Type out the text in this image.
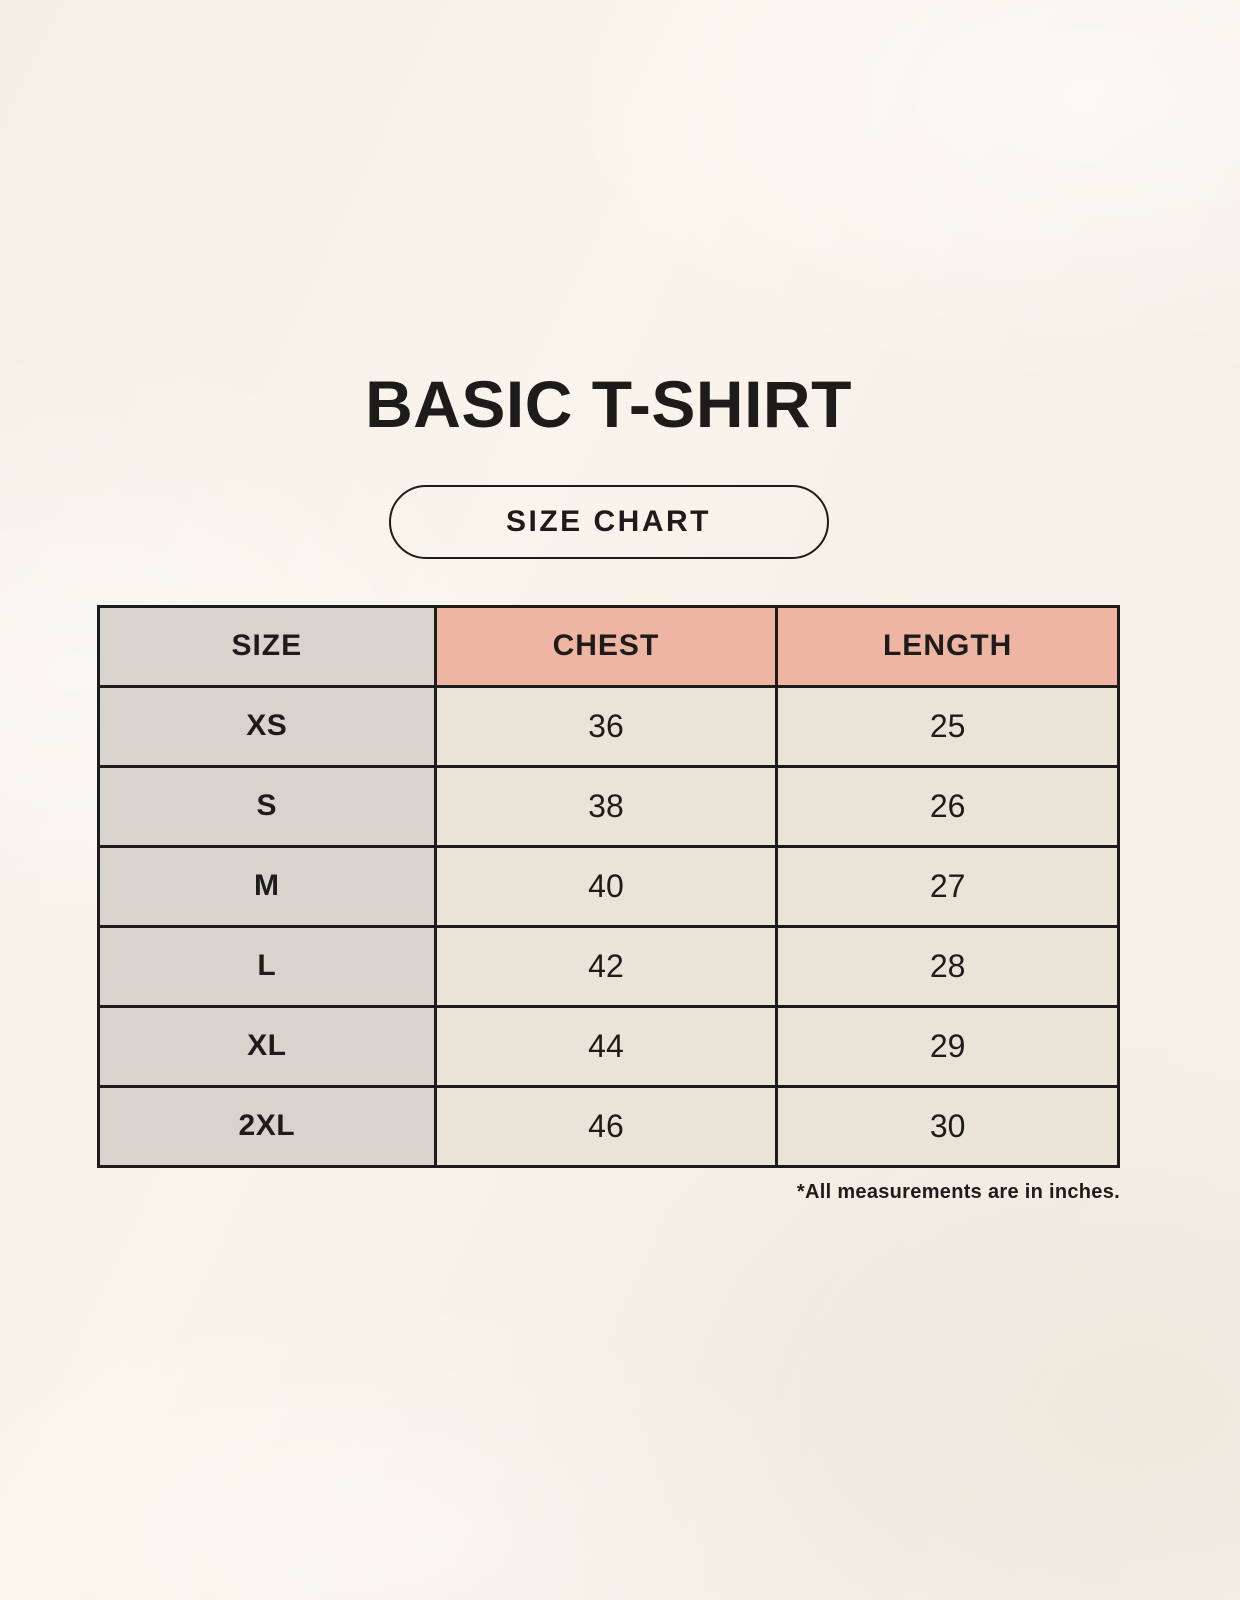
BASIC T-SHIRT
SIZE CHART
SIZE	CHEST	LENGTH
XS	36	25
S	38	26
M	40	27
L	42	28
XL	44	29
2XL	46	30
*All measurements are in inches.
